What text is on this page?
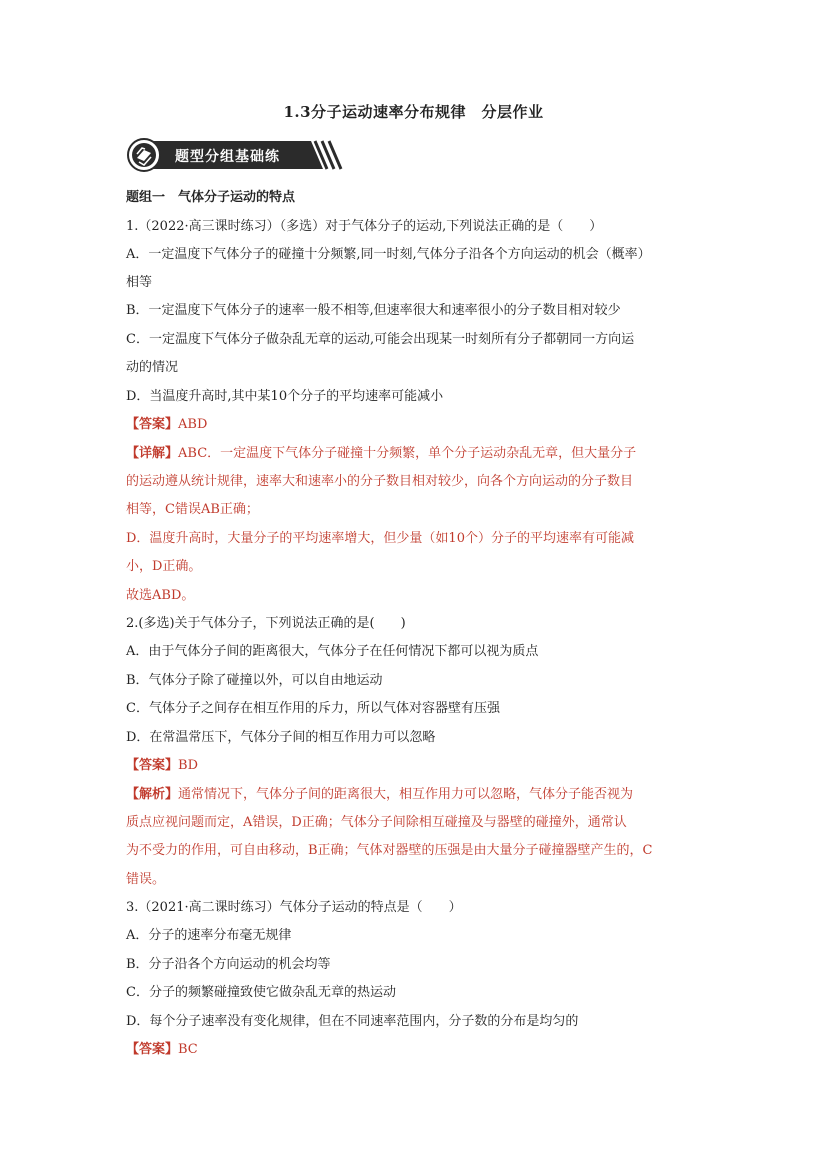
1.3分子运动速率分布规律　分层作业
题型分组基础练
题组一　气体分子运动的特点
1.（2022·高三课时练习）（多选）对于气体分子的运动,下列说法正确的是（　　）
A．一定温度下气体分子的碰撞十分频繁,同一时刻,气体分子沿各个方向运动的机会（概率）
相等
B．一定温度下气体分子的速率一般不相等,但速率很大和速率很小的分子数目相对较少
C．一定温度下气体分子做杂乱无章的运动,可能会出现某一时刻所有分子都朝同一方向运
动的情况
D．当温度升高时,其中某10个分子的平均速率可能减小
【答案】ABD
【详解】ABC．一定温度下气体分子碰撞十分频繁，单个分子运动杂乱无章，但大量分子
的运动遵从统计规律，速率大和速率小的分子数目相对较少，向各个方向运动的分子数目
相等，C错误AB正确；
D．温度升高时，大量分子的平均速率增大，但少量（如10个）分子的平均速率有可能减
小，D正确。
故选ABD。
2.(多选)关于气体分子，下列说法正确的是(　　)
A．由于气体分子间的距离很大，气体分子在任何情况下都可以视为质点
B．气体分子除了碰撞以外，可以自由地运动
C．气体分子之间存在相互作用的斥力，所以气体对容器壁有压强
D．在常温常压下，气体分子间的相互作用力可以忽略
【答案】BD
【解析】通常情况下，气体分子间的距离很大，相互作用力可以忽略，气体分子能否视为
质点应视问题而定，A错误，D正确；气体分子间除相互碰撞及与器壁的碰撞外，通常认
为不受力的作用，可自由移动，B正确；气体对器壁的压强是由大量分子碰撞器壁产生的，C
错误。
3.（2021·高二课时练习）气体分子运动的特点是（　　）
A．分子的速率分布毫无规律
B．分子沿各个方向运动的机会均等
C．分子的频繁碰撞致使它做杂乱无章的热运动
D．每个分子速率没有变化规律，但在不同速率范围内，分子数的分布是均匀的
【答案】BC
